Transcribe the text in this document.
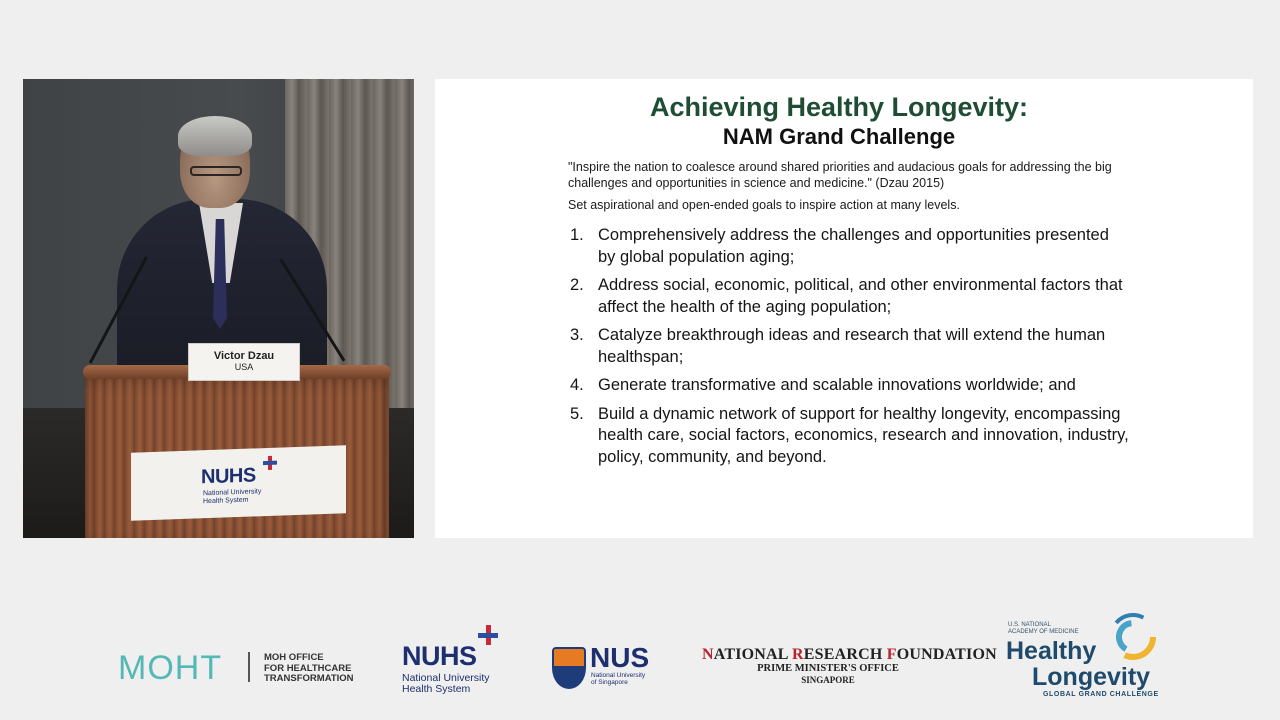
Victor Dzau
USA
NUHS
National University
Health System
Achieving Healthy Longevity:
NAM Grand Challenge
"Inspire the nation to coalesce around shared priorities and audacious goals for addressing the big challenges and opportunities in science and medicine." (Dzau 2015)
Set aspirational and open-ended goals to inspire action at many levels.
1. Comprehensively address the challenges and opportunities presented by global population aging;
2. Address social, economic, political, and other environmental factors that affect the health of the aging population;
3. Catalyze breakthrough ideas and research that will extend the human healthspan;
4. Generate transformative and scalable innovations worldwide; and
5. Build a dynamic network of support for healthy longevity, encompassing health care, social factors, economics, research and innovation, industry, policy, community, and beyond.
MOHT	MOH OFFICE
FOR HEALTHCARE
TRANSFORMATION
NUHS
National University
Health System
NUS
National University
of Singapore
NATIONAL RESEARCH FOUNDATION
PRIME MINISTER'S OFFICE
SINGAPORE
U.S. NATIONAL
ACADEMY OF MEDICINE
Healthy
Longevity
GLOBAL GRAND CHALLENGE
